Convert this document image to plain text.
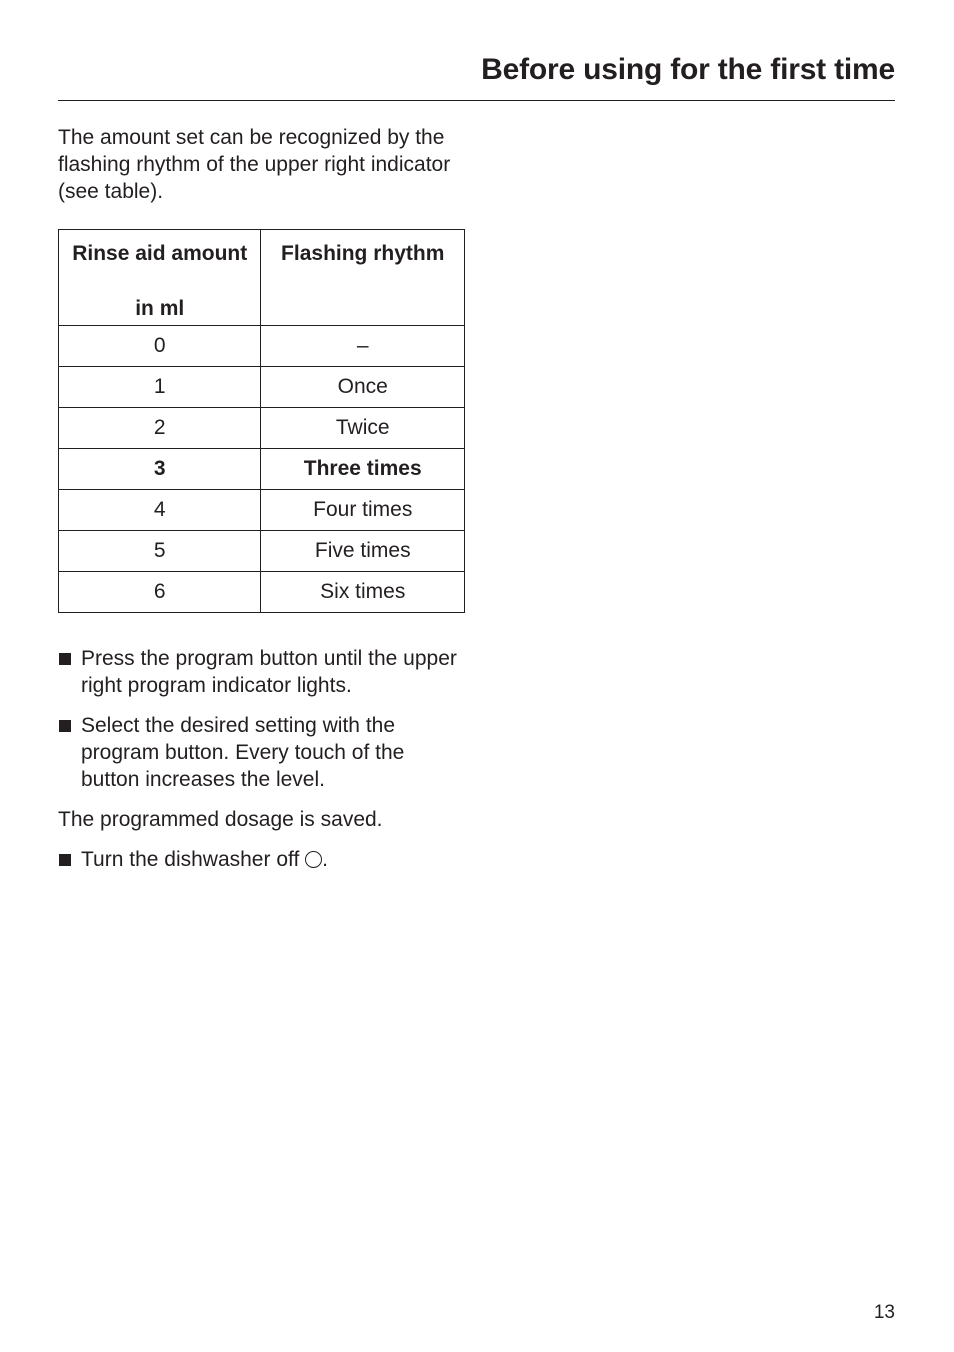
Before using for the first time

The amount set can be recognized by the flashing rhythm of the upper right indicator (see table).

Rinse aid amount
in ml	Flashing rhythm

0	–
1	Once
2	Twice
3	Three times
4	Four times
5	Five times
6	Six times
Press the program button until the upper right program indicator lights.
Select the desired setting with the program button. Every touch of the button increases the level.

The programmed dosage is saved.

Turn the dishwasher off .
13
